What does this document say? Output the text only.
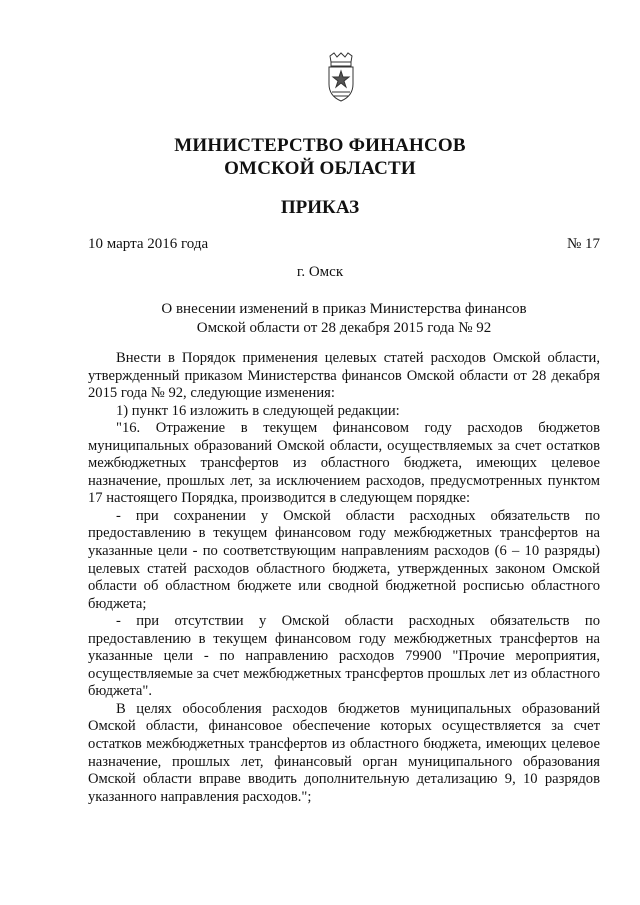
МИНИСТЕРСТВО ФИНАНСОВ
ОМСКОЙ ОБЛАСТИ
ПРИКАЗ
10 марта 2016 года	№ 17
г. Омск
О внесении изменений в приказ Министерства финансов
Омской области от 28 декабря 2015 года № 92

Внести в Порядок применения целевых статей расходов Омской области, утвержденный приказом Министерства финансов Омской области от 28 декабря 2015 года № 92, следующие изменения:

1) пункт 16 изложить в следующей редакции:

"16. Отражение в текущем финансовом году расходов бюджетов муниципальных образований Омской области, осуществляемых за счет остатков межбюджетных трансфертов из областного бюджета, имеющих целевое назначение, прошлых лет, за исключением расходов, предусмотренных пунктом 17 настоящего Порядка, производится в следующем порядке:

- при сохранении у Омской области расходных обязательств по предоставлению в текущем финансовом году межбюджетных трансфертов на указанные цели - по соответствующим направлениям расходов (6 – 10 разряды) целевых статей расходов областного бюджета, утвержденных законом Омской области об областном бюджете или сводной бюджетной росписью областного бюджета;

- при отсутствии у Омской области расходных обязательств по предоставлению в текущем финансовом году межбюджетных трансфертов на указанные цели - по направлению расходов 79900 "Прочие мероприятия, осуществляемые за счет межбюджетных трансфертов прошлых лет из областного бюджета".

В целях обособления расходов бюджетов муниципальных образований Омской области, финансовое обеспечение которых осуществляется за счет остатков межбюджетных трансфертов из областного бюджета, имеющих целевое назначение, прошлых лет, финансовый орган муниципального образования Омской области вправе вводить дополнительную детализацию 9, 10 разрядов указанного направления расходов.";
